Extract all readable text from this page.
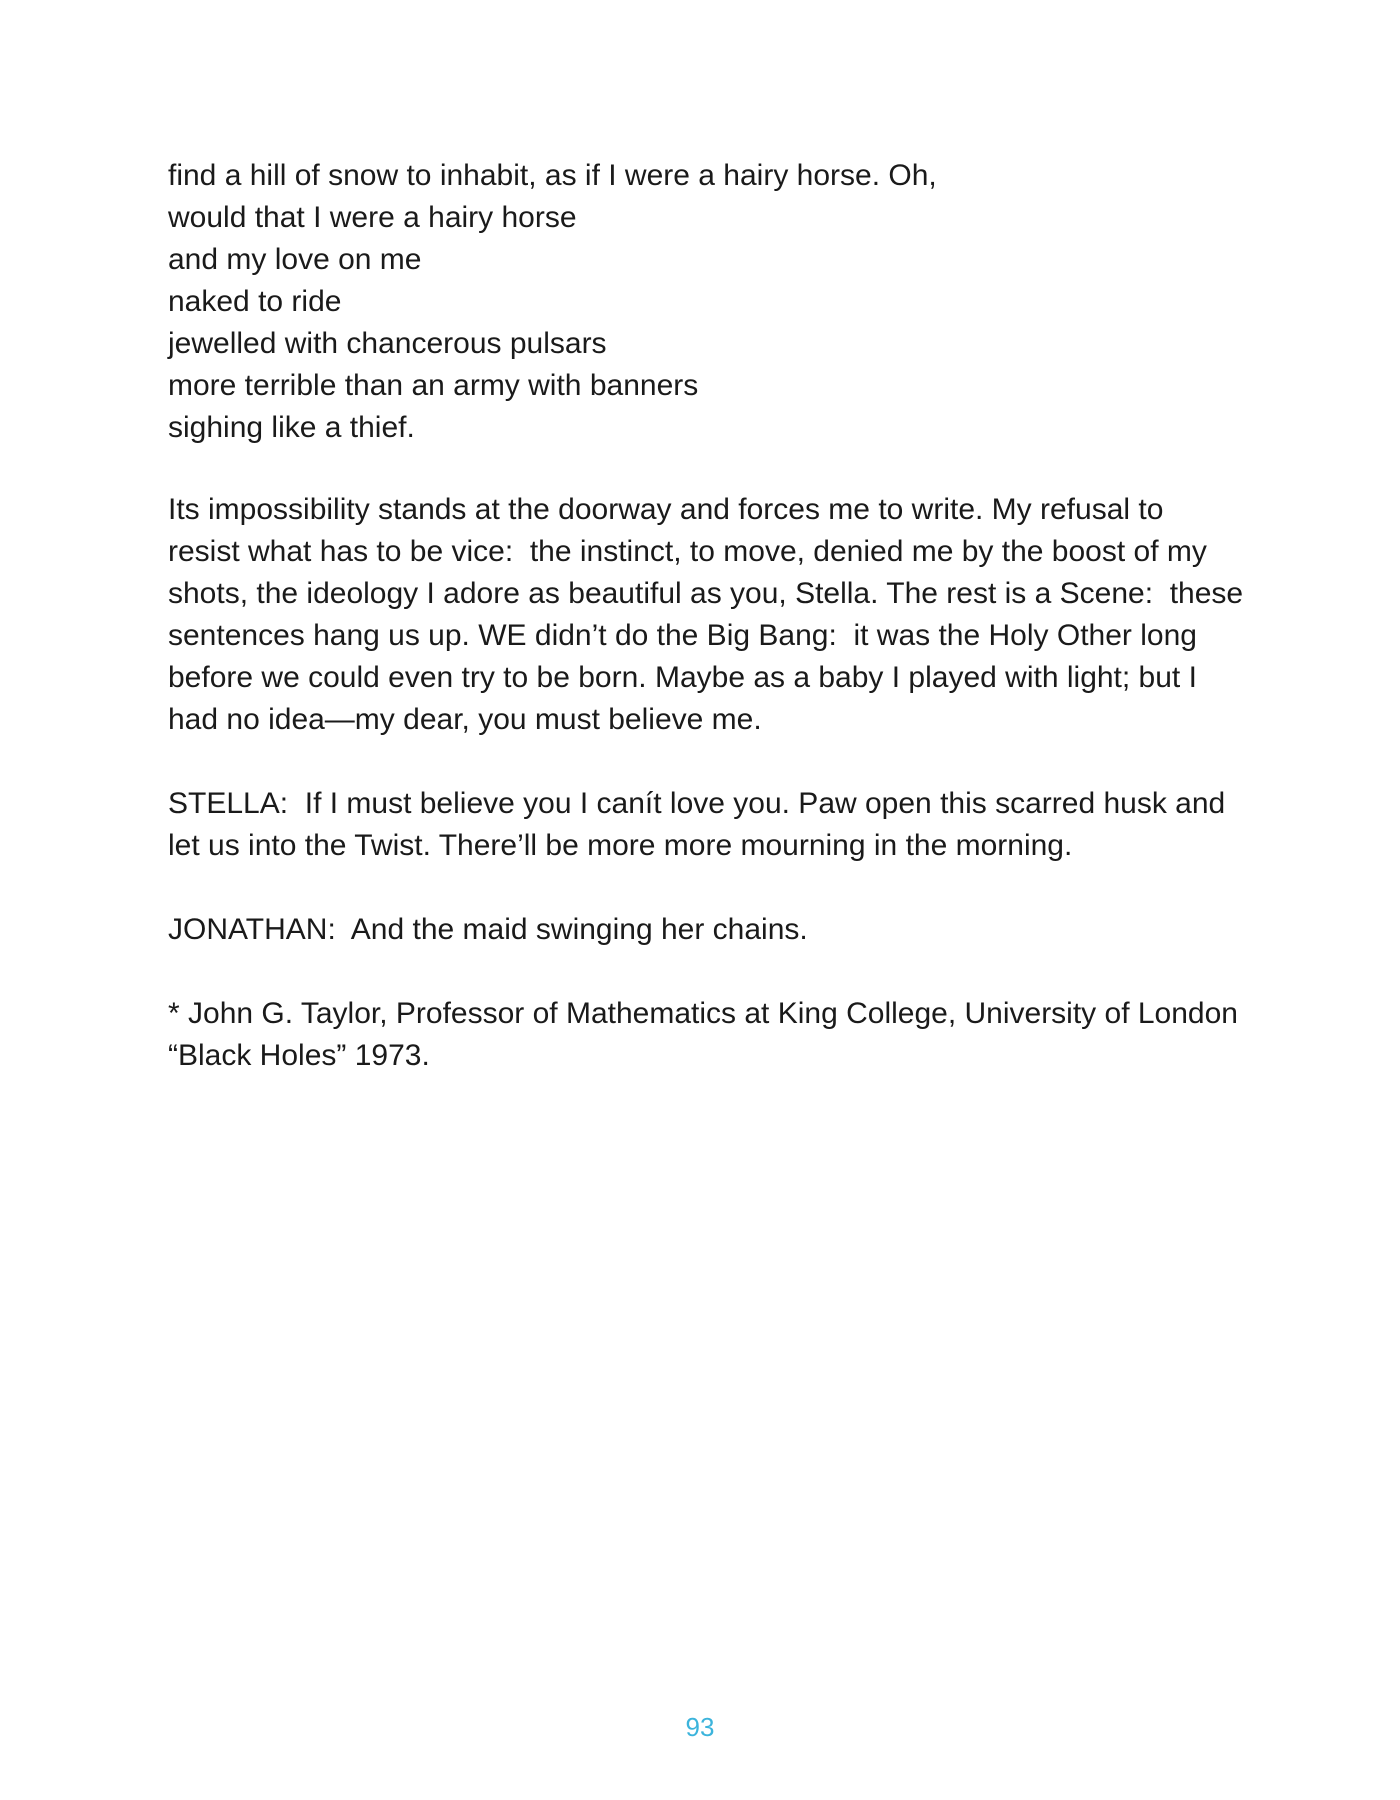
find a hill of snow to inhabit, as if I were a hairy horse. Oh,
would that I were a hairy horse
and my love on me
naked to ride
jewelled with chancerous pulsars
more terrible than an army with banners
sighing like a thief.
Its impossibility stands at the doorway and forces me to write. My refusal to
resist what has to be vice:  the instinct, to move, denied me by the boost of my
shots, the ideology I adore as beautiful as you, Stella. The rest is a Scene:  these
sentences hang us up. WE didn’t do the Big Bang:  it was the Holy Other long
before we could even try to be born. Maybe as a baby I played with light; but I
had no idea—my dear, you must believe me.
STELLA:  If I must believe you I canít love you. Paw open this scarred husk and
let us into the Twist. There’ll be more more mourning in the morning.
JONATHAN:  And the maid swinging her chains.
* John G. Taylor, Professor of Mathematics at King College, University of London
“Black Holes” 1973.
93
